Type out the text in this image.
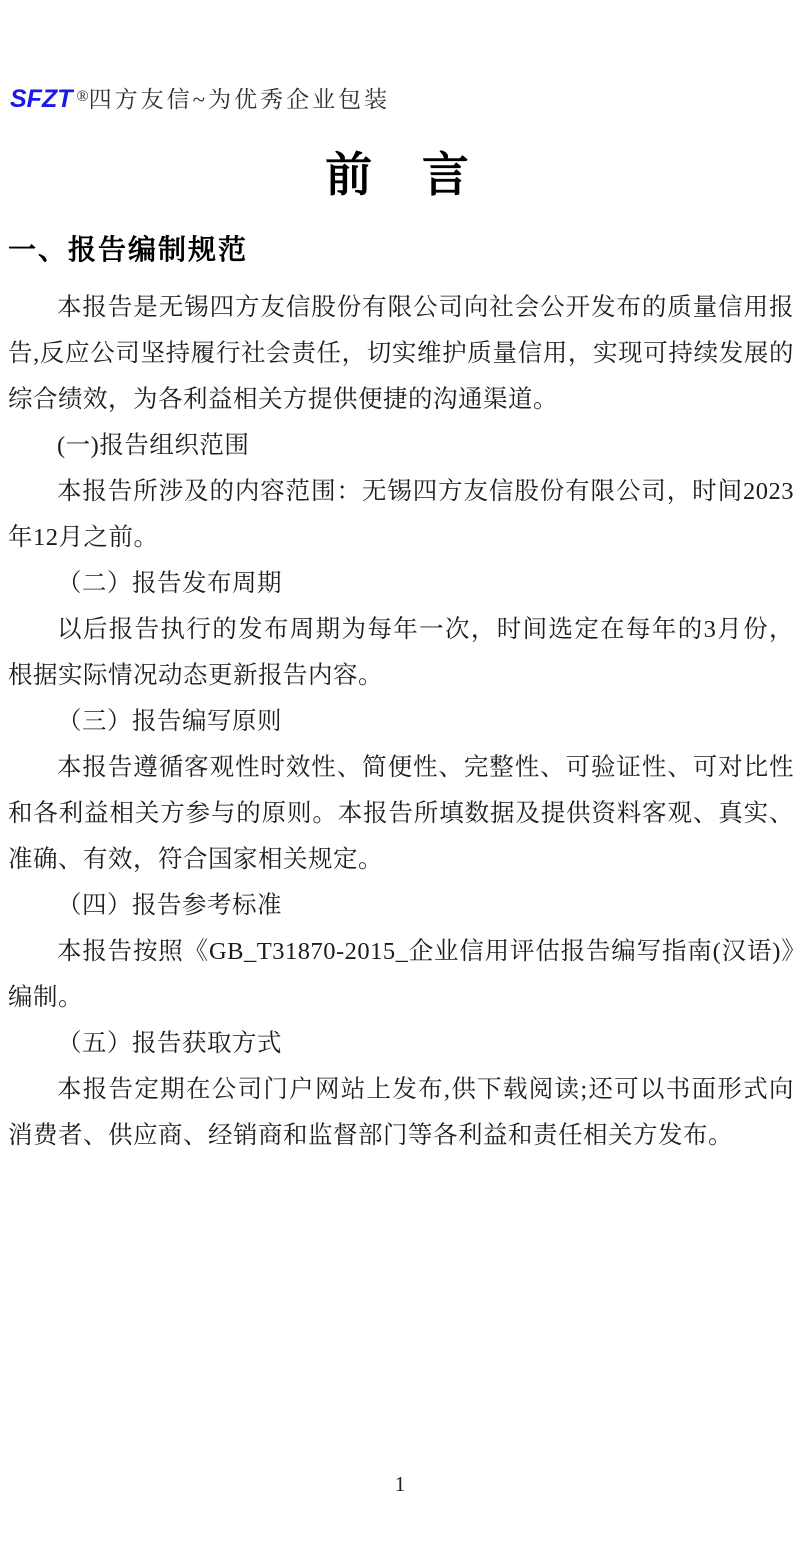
SFZT ®四方友信~为优秀企业包装
前 言
一、报告编制规范

本报告是无锡四方友信股份有限公司向社会公开发布的质量信用报告,反应公司坚持履行社会责任，切实维护质量信用，实现可持续发展的综合绩效，为各利益相关方提供便捷的沟通渠道。

(一)报告组织范围

本报告所涉及的内容范围：无锡四方友信股份有限公司，时间2023年12月之前。

（二）报告发布周期

以后报告执行的发布周期为每年一次，时间选定在每年的3月份，根据实际情况动态更新报告内容。

（三）报告编写原则

本报告遵循客观性时效性、简便性、完整性、可验证性、可对比性和各利益相关方参与的原则。本报告所填数据及提供资料客观、真实、准确、有效，符合国家相关规定。

（四）报告参考标准

本报告按照《GB_T31870-2015_企业信用评估报告编写指南(汉语)》编制。

（五）报告获取方式

本报告定期在公司门户网站上发布,供下载阅读;还可以书面形式向消费者、供应商、经销商和监督部门等各利益和责任相关方发布。

1
